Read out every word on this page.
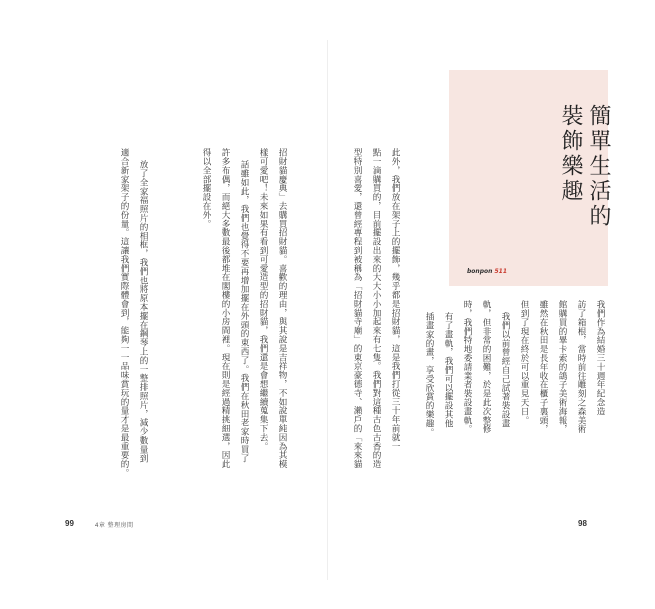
簡單生活的
裝飾樂趣
bonpon 511
我們作為結婚三十週年紀念造
訪了箱根，當時前往雕刻之森美術
館購買的畢卡索的鴿子美術海報，
雖然在秋田是長年收在櫃子裏頭，
但到了現在終於可以重見天日。
我們以前曾經自己試著裝設畫
軌，但非常的困難，於是此次整修
時，我們特地委請業者裝設畫軌。
有了畫軌，我們可以擺設其他
插畫家的畫，享受欣賞的樂趣。
此外，我們放在架子上的擺飾，幾乎都是招財貓，這是我們打從三十年前就一
點一滴購買的，目前擺設出來的大大小小加起來有七隻。我們對這種古色古香的造
型特別喜愛，還曾經專程到被稱為「招財貓寺廟」的東京豪德寺、瀨戶的「來來貓
招財貓慶典」去購買招財貓。喜歡的理由，與其說是吉祥物，不如說單純因為其模
樣可愛吧！未來如果有看到可愛造型的招財貓，我們還是會想繼續蒐集下去。
話雖如此，我們也覺得不要再增加擺在外頭的東西了。我們在秋田老家時買了
許多布偶，而絕大多數最後都堆在閣樓的小房間裡。現在則是經過精挑細選，因此
得以全部擺設在外。
放了全家福照片的相框，我們也將原本擺在鋼琴上的一整排照片，減少數量到
適合新家架子的份量。這讓我們實際體會到，能夠一一品味賞玩的量才是最重要的。
99	4章 整理房間	98
